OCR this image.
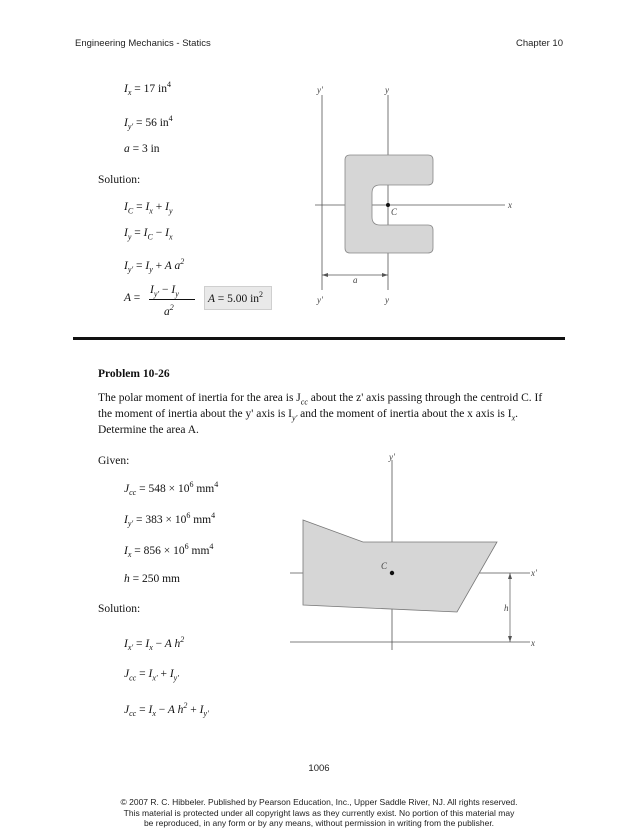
Engineering Mechanics - Statics	Chapter 10
$I_x = 17$ $in^4$
$I_{y'} = 56$ $in^4$
a = 3 in
Solution:
$I_C = I_x + I_y$
$I_y = I_C - I_x$
$I_{y'} = I_y + A$ $a^2$
A =
$I_{y'} - I_y$
$a^2$
A = 5.00 $in^2$
y'	y
x
C
a
y'	y
Problem 10-26
The polar moment of inertia for the area is $J_{cc}$ about the z' axis passing through the centroid C. If
the moment of inertia about the y' axis is $I_{y'}$ and the moment of inertia about the x axis is $I_x$.
Determine the area A.
Given:
$J_{cc} = 548 \times 10^6$ $mm^4$
$I_{y'} = 383 \times 10^6$ $mm^4$
$I_x = 856 \times 10^6$ $mm^4$
h = 250 mm
Solution:
$I_{x'} = I_x - A$ $h^2$
$J_{cc} = I_{x'} + I_{y'}$
$J_{cc} = I_x - A$ $h^2 + I_{y'}$
y'
x'
x
C
h
1006
© 2007 R. C. Hibbeler. Published by Pearson Education, Inc., Upper Saddle River, NJ. All rights reserved.
This material is protected under all copyright laws as they currently exist. No portion of this material may
be reproduced, in any form or by any means, without permission in writing from the publisher.
